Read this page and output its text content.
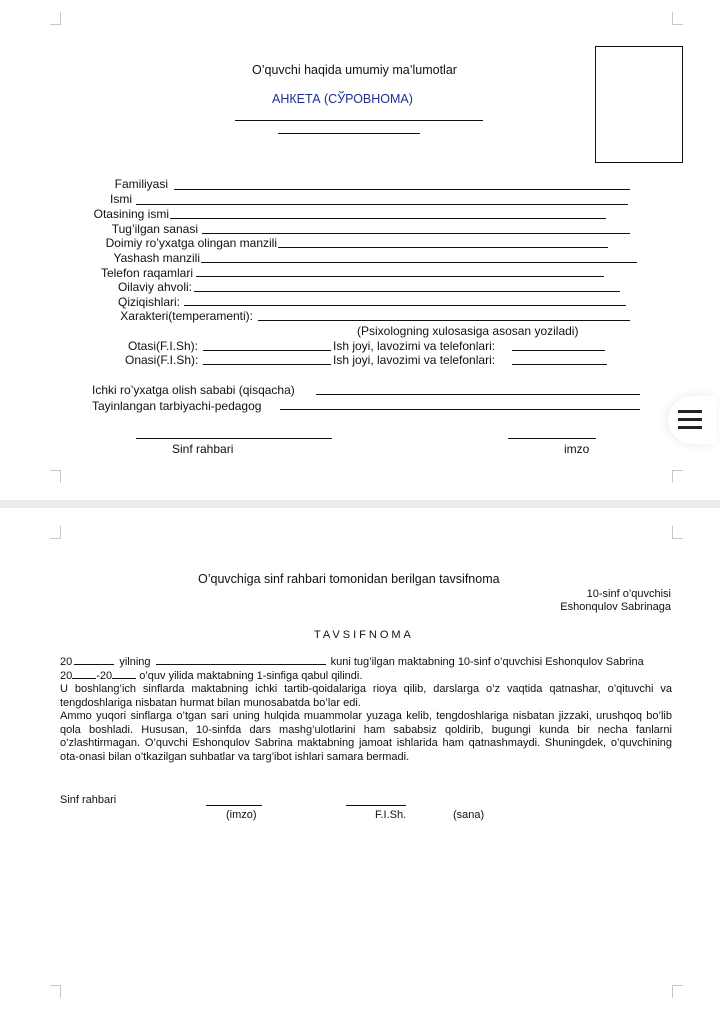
O’quvchi haqida umumiy ma’lumotlar
АНКЕТА (СЎРОВНОМА)
Familiyasi
Ismi
Otasining ismi
Tug’ilgan sanasi
Doimiy ro’yxatga olingan manzili
Yashash manzili
Telefon raqamlari
Oilaviy ahvoli:
Qiziqishlari:
Xarakteri(temperamenti):
(Psixologning xulosasiga asosan yoziladi)
Otasi(F.I.Sh):	Ish joyi, lavozimi va telefonlari:
Onasi(F.I.Sh):	Ish joyi, lavozimi va telefonlari:
Ichki ro’yxatga olish sababi (qisqacha)
Tayinlangan tarbiyachi-pedagog
Sinf rahbari	imzo
O’quvchiga sinf rahbari tomonidan berilgan tavsifnoma
10-sinf o’quvchisi
Eshonqulov Sabrinaga
TAVSIFNOMA

20	yilning	kuni tug’ilgan maktabning 10-sinf o’quvchisi Eshonqulov Sabrina

20 -20 o’quv yilida maktabning 1-sinfiga qabul qilindi.

U boshlang’ich sinflarda maktabning ichki tartib-qoidalariga rioya qilib, darslarga o’z vaqtida qatnashar, o’qituvchi va tengdoshlariga nisbatan hurmat bilan munosabatda bo’lar edi.

Ammo yuqori sinflarga o’tgan sari uning hulqida muammolar yuzaga kelib, tengdoshlariga nisbatan jizzaki, urushqoq bo’lib qola boshladi. Hususan, 10-sinfda dars mashg’ulotlarini ham sababsiz qoldirib, bugungi kunda bir necha fanlarni o’zlashtirmagan. O’quvchi Eshonqulov Sabrina maktabning jamoat ishlarida ham qatnashmaydi. Shuningdek, o’quvchining ota-onasi bilan o’tkazilgan suhbatlar va targ’ibot ishlari samara bermadi.

Sinf rahbari
(imzo)	F.I.Sh.	(sana)
